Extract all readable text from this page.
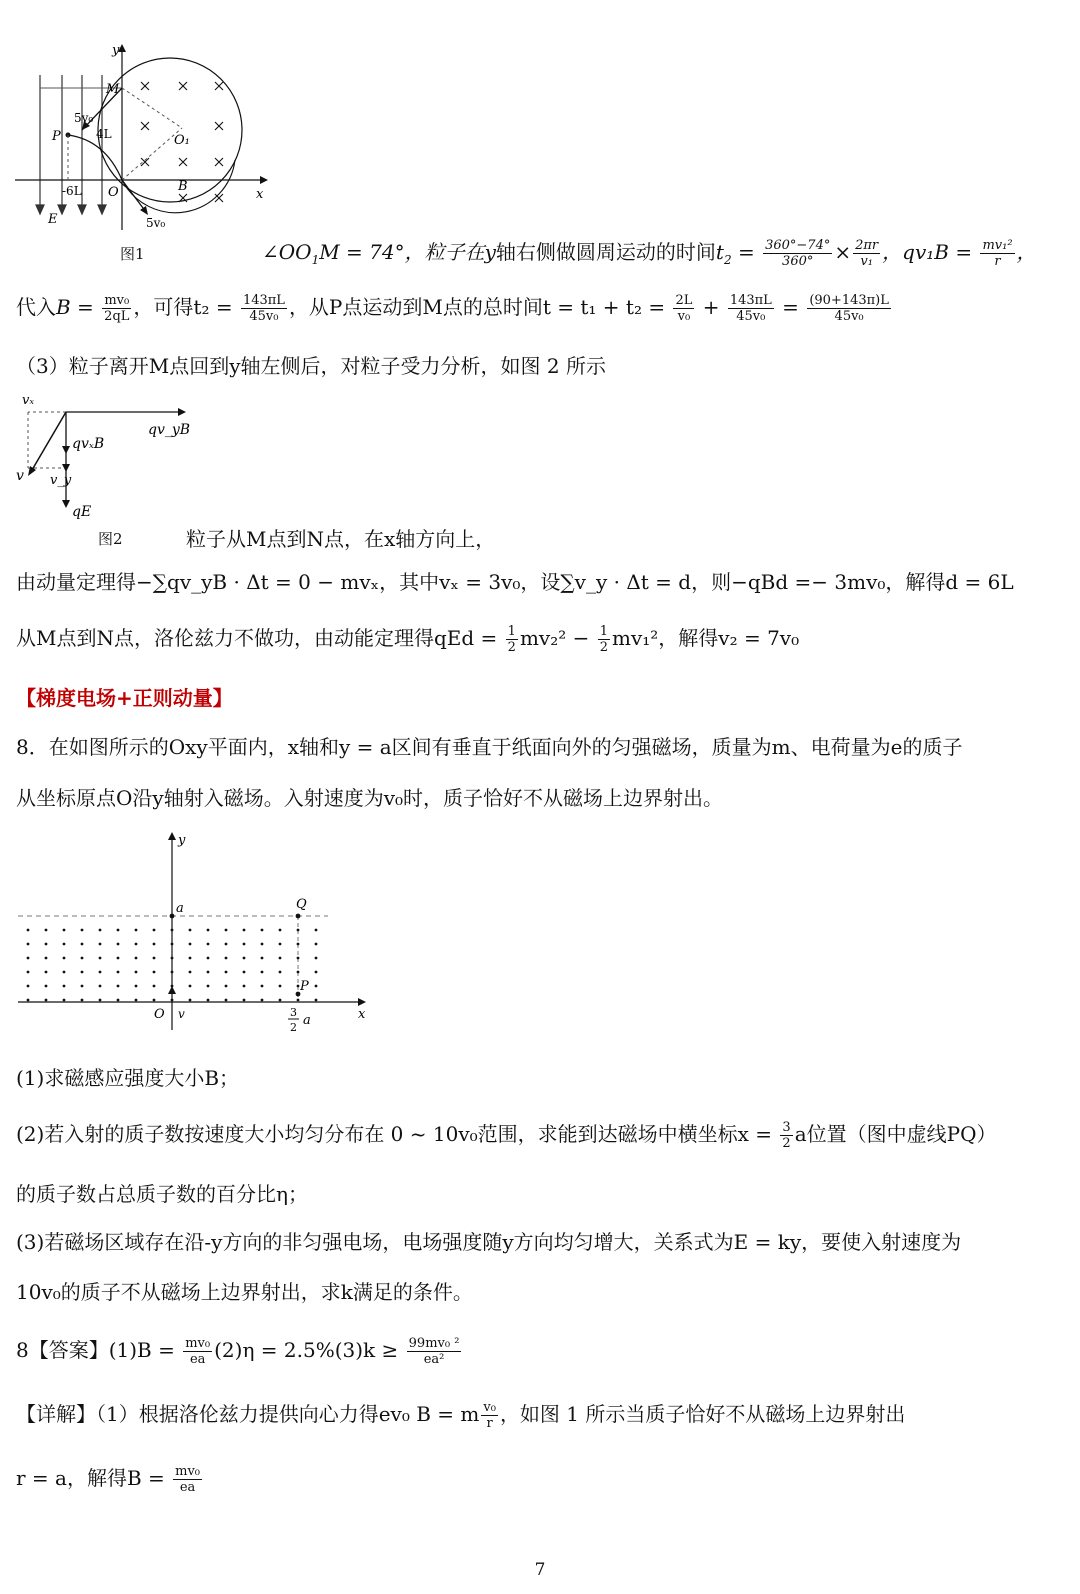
y
x
M
P
O
O₁
B
E
5v₀
5v₀
4L
-6L
图1	$\angle OO_1M = 74^\circ$，粒子在y轴右侧做圆周运动的时间$t_2 = \frac{360^\circ-74^\circ}{360^\circ} \times \frac{2\pi r}{\text{v₁}}$ ，$qv_1B = \frac{\text{mv₁²}}{r}$ ，
代入$B = \frac{\text{mv₀}}{2qL}$ ，可得$t_2 = \frac{143\pi L}{\text{45v₀}}$ ，从P点运动到M点的总时间$t = t_1 + t_2 = \frac{2L}{\text{v₀}} + \frac{143\pi L}{\text{45v₀}} = \frac{(90+143\pi)L}{\text{45v₀}}$
（3）粒子离开M点回到y轴左侧后，对粒子受力分析，如图 2 所示
vₓ
qv_yB
qvₓB
v v_y
qE
图2	粒子从M点到N点，在x轴方向上，
由动量定理得−∑qv_yB · Δt = 0 − mvₓ，其中vₓ = 3v₀，设∑v_y · Δt = d，则−qBd =− 3mv₀，解得d = 6L
从M点到N点，洛伦兹力不做功，由动能定理得qEd = $\frac{1}{2} mv_2^2 - \frac{1}{2} mv_1^2$，解得v₂ = 7v₀
【梯度电场+正则动量】
8．在如图所示的Oxy平面内，x轴和y = a区间有垂直于纸面向外的匀强磁场，质量为m、电荷量为e的质子
从坐标原点O沿y轴射入磁场。入射速度为v₀时，质子恰好不从磁场上边界射出。
y
x
a	Q
P
O v	3
2 a
(1)求磁感应强度大小B；
(2)若入射的质子数按速度大小均匀分布在 0 ~ 10v₀范围，求能到达磁场中横坐标$x = \frac{3}{2}$ a位置（图中虚线PQ）
的质子数占总质子数的百分比η；
(3)若磁场区域存在沿-y方向的非匀强电场，电场强度随y方向均匀增大，关系式为E = ky，要使入射速度为
10v₀的质子不从磁场上边界射出，求k满足的条件。
8【答案】$(1)B = \frac{\text{mv₀}}{ea} (2)\eta = 2.5\%(3)k \ge \frac{\text{99mv₀ ²}}{\text{ea²}}$
【详解】（1）根据洛伦兹力提供向心力得ev₀ B = m $\frac{\text{v₀}}{r}$ ，如图 1 所示当质子恰好不从磁场上边界射出
r = a，解得$B = \frac{\text{mv₀}}{ea}$
7
